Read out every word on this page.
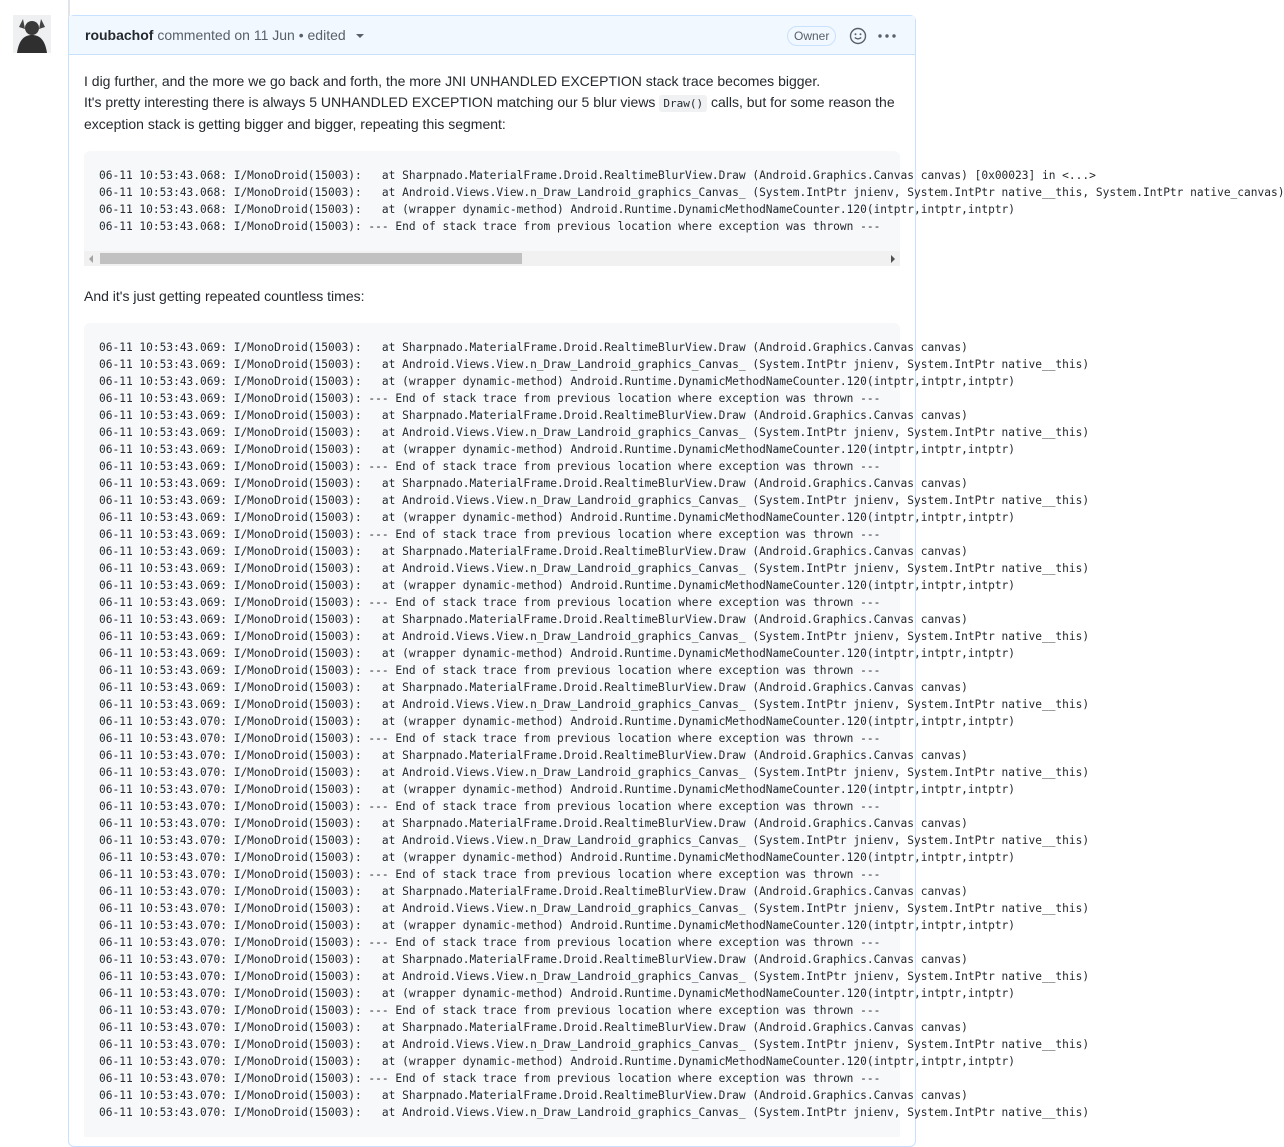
roubachof commented on 11 Jun • edited	Owner

I dig further, and the more we go back and forth, the more JNI UNHANDLED EXCEPTION stack trace becomes bigger.
It's pretty interesting there is always 5 UNHANDLED EXCEPTION matching our 5 blur views Draw() calls, but for some reason the exception stack is getting bigger and bigger, repeating this segment:

06-11 10:53:43.068: I/MonoDroid(15003):   at Sharpnado.MaterialFrame.Droid.RealtimeBlurView.Draw (Android.Graphics.Canvas canvas) [0x00023] in <...>
06-11 10:53:43.068: I/MonoDroid(15003):   at Android.Views.View.n_Draw_Landroid_graphics_Canvas_ (System.IntPtr jnienv, System.IntPtr native__this, System.IntPtr native_canvas)
06-11 10:53:43.068: I/MonoDroid(15003):   at (wrapper dynamic-method) Android.Runtime.DynamicMethodNameCounter.120(intptr,intptr,intptr)
06-11 10:53:43.068: I/MonoDroid(15003): --- End of stack trace from previous location where exception was thrown ---

And it's just getting repeated countless times:

06-11 10:53:43.069: I/MonoDroid(15003):   at Sharpnado.MaterialFrame.Droid.RealtimeBlurView.Draw (Android.Graphics.Canvas canvas)
06-11 10:53:43.069: I/MonoDroid(15003):   at Android.Views.View.n_Draw_Landroid_graphics_Canvas_ (System.IntPtr jnienv, System.IntPtr native__this)
06-11 10:53:43.069: I/MonoDroid(15003):   at (wrapper dynamic-method) Android.Runtime.DynamicMethodNameCounter.120(intptr,intptr,intptr)
06-11 10:53:43.069: I/MonoDroid(15003): --- End of stack trace from previous location where exception was thrown ---
06-11 10:53:43.069: I/MonoDroid(15003):   at Sharpnado.MaterialFrame.Droid.RealtimeBlurView.Draw (Android.Graphics.Canvas canvas)
06-11 10:53:43.069: I/MonoDroid(15003):   at Android.Views.View.n_Draw_Landroid_graphics_Canvas_ (System.IntPtr jnienv, System.IntPtr native__this)
06-11 10:53:43.069: I/MonoDroid(15003):   at (wrapper dynamic-method) Android.Runtime.DynamicMethodNameCounter.120(intptr,intptr,intptr)
06-11 10:53:43.069: I/MonoDroid(15003): --- End of stack trace from previous location where exception was thrown ---
06-11 10:53:43.069: I/MonoDroid(15003):   at Sharpnado.MaterialFrame.Droid.RealtimeBlurView.Draw (Android.Graphics.Canvas canvas)
06-11 10:53:43.069: I/MonoDroid(15003):   at Android.Views.View.n_Draw_Landroid_graphics_Canvas_ (System.IntPtr jnienv, System.IntPtr native__this)
06-11 10:53:43.069: I/MonoDroid(15003):   at (wrapper dynamic-method) Android.Runtime.DynamicMethodNameCounter.120(intptr,intptr,intptr)
06-11 10:53:43.069: I/MonoDroid(15003): --- End of stack trace from previous location where exception was thrown ---
06-11 10:53:43.069: I/MonoDroid(15003):   at Sharpnado.MaterialFrame.Droid.RealtimeBlurView.Draw (Android.Graphics.Canvas canvas)
06-11 10:53:43.069: I/MonoDroid(15003):   at Android.Views.View.n_Draw_Landroid_graphics_Canvas_ (System.IntPtr jnienv, System.IntPtr native__this)
06-11 10:53:43.069: I/MonoDroid(15003):   at (wrapper dynamic-method) Android.Runtime.DynamicMethodNameCounter.120(intptr,intptr,intptr)
06-11 10:53:43.069: I/MonoDroid(15003): --- End of stack trace from previous location where exception was thrown ---
06-11 10:53:43.069: I/MonoDroid(15003):   at Sharpnado.MaterialFrame.Droid.RealtimeBlurView.Draw (Android.Graphics.Canvas canvas)
06-11 10:53:43.069: I/MonoDroid(15003):   at Android.Views.View.n_Draw_Landroid_graphics_Canvas_ (System.IntPtr jnienv, System.IntPtr native__this)
06-11 10:53:43.069: I/MonoDroid(15003):   at (wrapper dynamic-method) Android.Runtime.DynamicMethodNameCounter.120(intptr,intptr,intptr)
06-11 10:53:43.069: I/MonoDroid(15003): --- End of stack trace from previous location where exception was thrown ---
06-11 10:53:43.069: I/MonoDroid(15003):   at Sharpnado.MaterialFrame.Droid.RealtimeBlurView.Draw (Android.Graphics.Canvas canvas)
06-11 10:53:43.069: I/MonoDroid(15003):   at Android.Views.View.n_Draw_Landroid_graphics_Canvas_ (System.IntPtr jnienv, System.IntPtr native__this)
06-11 10:53:43.070: I/MonoDroid(15003):   at (wrapper dynamic-method) Android.Runtime.DynamicMethodNameCounter.120(intptr,intptr,intptr)
06-11 10:53:43.070: I/MonoDroid(15003): --- End of stack trace from previous location where exception was thrown ---
06-11 10:53:43.070: I/MonoDroid(15003):   at Sharpnado.MaterialFrame.Droid.RealtimeBlurView.Draw (Android.Graphics.Canvas canvas)
06-11 10:53:43.070: I/MonoDroid(15003):   at Android.Views.View.n_Draw_Landroid_graphics_Canvas_ (System.IntPtr jnienv, System.IntPtr native__this)
06-11 10:53:43.070: I/MonoDroid(15003):   at (wrapper dynamic-method) Android.Runtime.DynamicMethodNameCounter.120(intptr,intptr,intptr)
06-11 10:53:43.070: I/MonoDroid(15003): --- End of stack trace from previous location where exception was thrown ---
06-11 10:53:43.070: I/MonoDroid(15003):   at Sharpnado.MaterialFrame.Droid.RealtimeBlurView.Draw (Android.Graphics.Canvas canvas)
06-11 10:53:43.070: I/MonoDroid(15003):   at Android.Views.View.n_Draw_Landroid_graphics_Canvas_ (System.IntPtr jnienv, System.IntPtr native__this)
06-11 10:53:43.070: I/MonoDroid(15003):   at (wrapper dynamic-method) Android.Runtime.DynamicMethodNameCounter.120(intptr,intptr,intptr)
06-11 10:53:43.070: I/MonoDroid(15003): --- End of stack trace from previous location where exception was thrown ---
06-11 10:53:43.070: I/MonoDroid(15003):   at Sharpnado.MaterialFrame.Droid.RealtimeBlurView.Draw (Android.Graphics.Canvas canvas)
06-11 10:53:43.070: I/MonoDroid(15003):   at Android.Views.View.n_Draw_Landroid_graphics_Canvas_ (System.IntPtr jnienv, System.IntPtr native__this)
06-11 10:53:43.070: I/MonoDroid(15003):   at (wrapper dynamic-method) Android.Runtime.DynamicMethodNameCounter.120(intptr,intptr,intptr)
06-11 10:53:43.070: I/MonoDroid(15003): --- End of stack trace from previous location where exception was thrown ---
06-11 10:53:43.070: I/MonoDroid(15003):   at Sharpnado.MaterialFrame.Droid.RealtimeBlurView.Draw (Android.Graphics.Canvas canvas)
06-11 10:53:43.070: I/MonoDroid(15003):   at Android.Views.View.n_Draw_Landroid_graphics_Canvas_ (System.IntPtr jnienv, System.IntPtr native__this)
06-11 10:53:43.070: I/MonoDroid(15003):   at (wrapper dynamic-method) Android.Runtime.DynamicMethodNameCounter.120(intptr,intptr,intptr)
06-11 10:53:43.070: I/MonoDroid(15003): --- End of stack trace from previous location where exception was thrown ---
06-11 10:53:43.070: I/MonoDroid(15003):   at Sharpnado.MaterialFrame.Droid.RealtimeBlurView.Draw (Android.Graphics.Canvas canvas)
06-11 10:53:43.070: I/MonoDroid(15003):   at Android.Views.View.n_Draw_Landroid_graphics_Canvas_ (System.IntPtr jnienv, System.IntPtr native__this)
06-11 10:53:43.070: I/MonoDroid(15003):   at (wrapper dynamic-method) Android.Runtime.DynamicMethodNameCounter.120(intptr,intptr,intptr)
06-11 10:53:43.070: I/MonoDroid(15003): --- End of stack trace from previous location where exception was thrown ---
06-11 10:53:43.070: I/MonoDroid(15003):   at Sharpnado.MaterialFrame.Droid.RealtimeBlurView.Draw (Android.Graphics.Canvas canvas)
06-11 10:53:43.070: I/MonoDroid(15003):   at Android.Views.View.n_Draw_Landroid_graphics_Canvas_ (System.IntPtr jnienv, System.IntPtr native__this)
